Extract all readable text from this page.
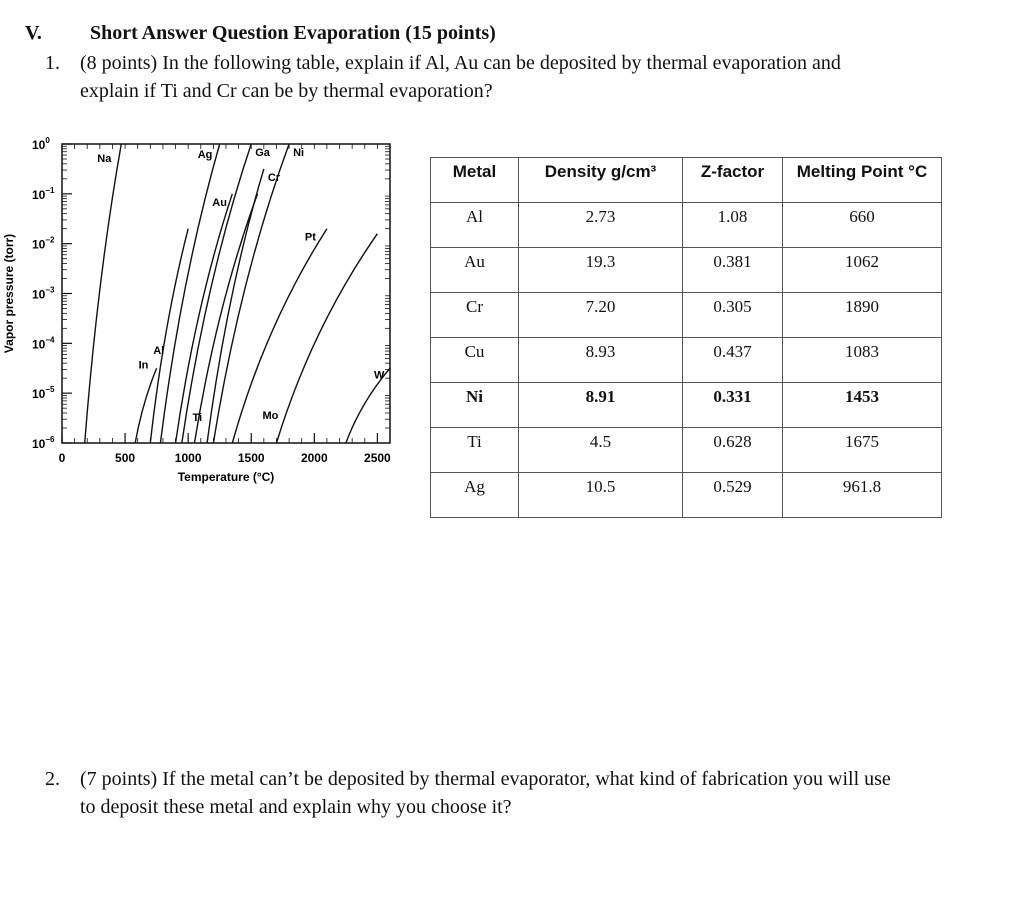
V. Short Answer Question Evaporation (15 points)
1. (8 points) In the following table, explain if Al, Au can be deposited by thermal evaporation and
explain if Ti and Cr can be by thermal evaporation?
$10^0$
$10^{-1}$
$10^{-2}$
$10^{-3}$
$10^{-4}$
$10^{-5}$
$10^{-6}$
0	500	1000	1500	2000	2500
Temperature (°C)
Vapor pressure (torr)
Na
In
Al
Ag
Au
Ga
Ti
Cr
Ni
Pt
Mo
W
Metal	Density g/cm³	Z-factor	Melting Point °C
Al	2.73	1.08	660
Au	19.3	0.381	1062
Cr	7.20	0.305	1890
Cu	8.93	0.437	1083
Ni	8.91	0.331	1453
Ti	4.5	0.628	1675
Ag	10.5	0.529	961.8
2. (7 points) If the metal can’t be deposited by thermal evaporator, what kind of fabrication you will use
to deposit these metal and explain why you choose it?
